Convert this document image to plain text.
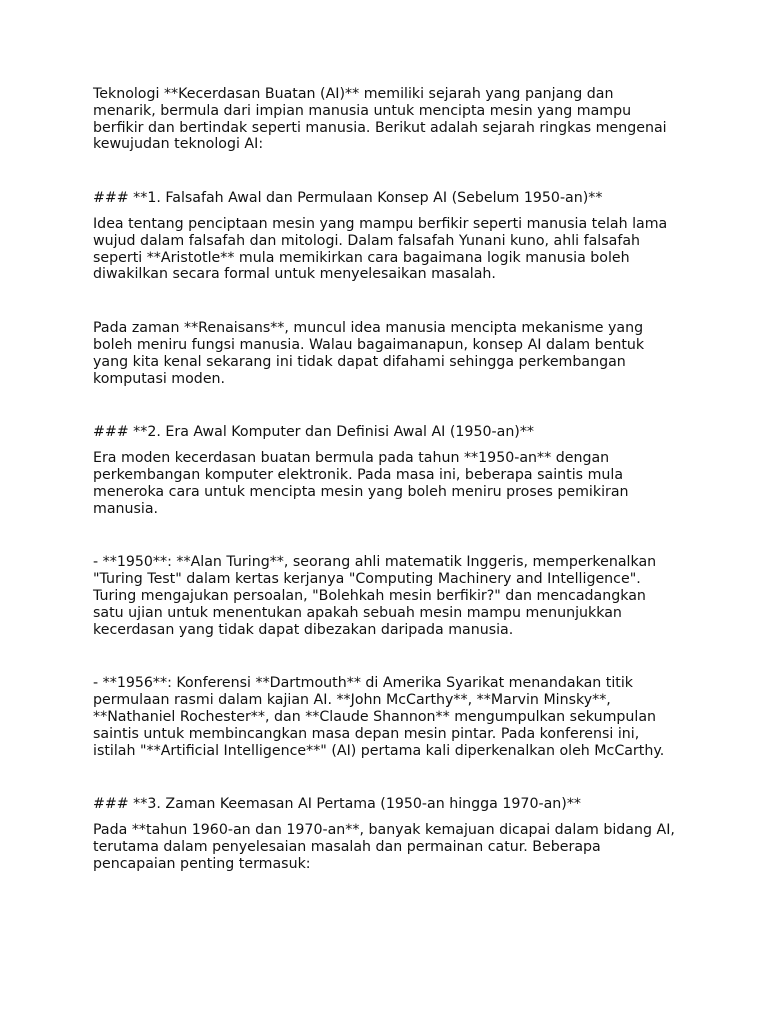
Teknologi **Kecerdasan Buatan (AI)** memiliki sejarah yang panjang dan
menarik, bermula dari impian manusia untuk mencipta mesin yang mampu
berfikir dan bertindak seperti manusia. Berikut adalah sejarah ringkas mengenai
kewujudan teknologi AI:

### **1. Falsafah Awal dan Permulaan Konsep AI (Sebelum 1950-an)**

Idea tentang penciptaan mesin yang mampu berfikir seperti manusia telah lama
wujud dalam falsafah dan mitologi. Dalam falsafah Yunani kuno, ahli falsafah
seperti **Aristotle** mula memikirkan cara bagaimana logik manusia boleh
diwakilkan secara formal untuk menyelesaikan masalah.

Pada zaman **Renaisans**, muncul idea manusia mencipta mekanisme yang
boleh meniru fungsi manusia. Walau bagaimanapun, konsep AI dalam bentuk
yang kita kenal sekarang ini tidak dapat difahami sehingga perkembangan
komputasi moden.

### **2. Era Awal Komputer dan Definisi Awal AI (1950-an)**

Era moden kecerdasan buatan bermula pada tahun **1950-an** dengan
perkembangan komputer elektronik. Pada masa ini, beberapa saintis mula
meneroka cara untuk mencipta mesin yang boleh meniru proses pemikiran
manusia.

- **1950**: **Alan Turing**, seorang ahli matematik Inggeris, memperkenalkan
"Turing Test" dalam kertas kerjanya "Computing Machinery and Intelligence".
Turing mengajukan persoalan, "Bolehkah mesin berfikir?" dan mencadangkan
satu ujian untuk menentukan apakah sebuah mesin mampu menunjukkan
kecerdasan yang tidak dapat dibezakan daripada manusia.

- **1956**: Konferensi **Dartmouth** di Amerika Syarikat menandakan titik
permulaan rasmi dalam kajian AI. **John McCarthy**, **Marvin Minsky**,
**Nathaniel Rochester**, dan **Claude Shannon** mengumpulkan sekumpulan
saintis untuk membincangkan masa depan mesin pintar. Pada konferensi ini,
istilah "**Artificial Intelligence**" (AI) pertama kali diperkenalkan oleh McCarthy.

### **3. Zaman Keemasan AI Pertama (1950-an hingga 1970-an)**

Pada **tahun 1960-an dan 1970-an**, banyak kemajuan dicapai dalam bidang AI,
terutama dalam penyelesaian masalah dan permainan catur. Beberapa
pencapaian penting termasuk:
